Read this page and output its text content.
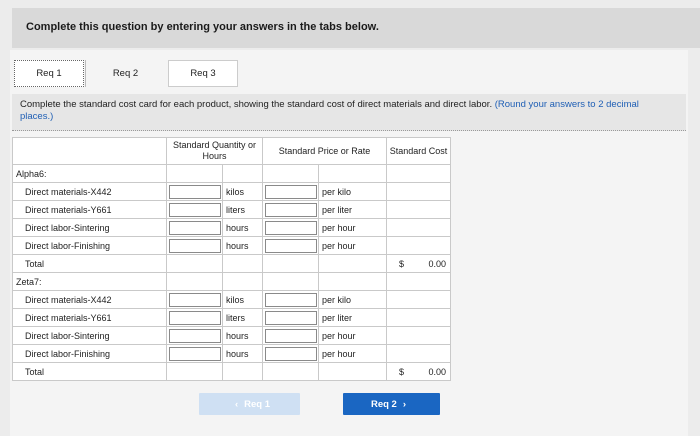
Complete this question by entering your answers in the tabs below.
Req 1	Req 2	Req 3
Complete the standard cost card for each product, showing the standard cost of direct materials and direct labor. (Round your answers to 2 decimal places.)
	Standard Quantity or Hours		Standard Price or Rate		Standard Cost
Alpha6:					
Direct materials-X442		kilos		per kilo	
Direct materials-Y661		liters		per liter	
Direct labor-Sintering		hours		per hour	
Direct labor-Finishing		hours		per hour	
Total					$ 0.00
Zeta7:					
Direct materials-X442		kilos		per kilo	
Direct materials-Y661		liters		per liter	
Direct labor-Sintering		hours		per hour	
Direct labor-Finishing		hours		per hour	
Total					$ 0.00
‹ Req 1	Req 2 ›
